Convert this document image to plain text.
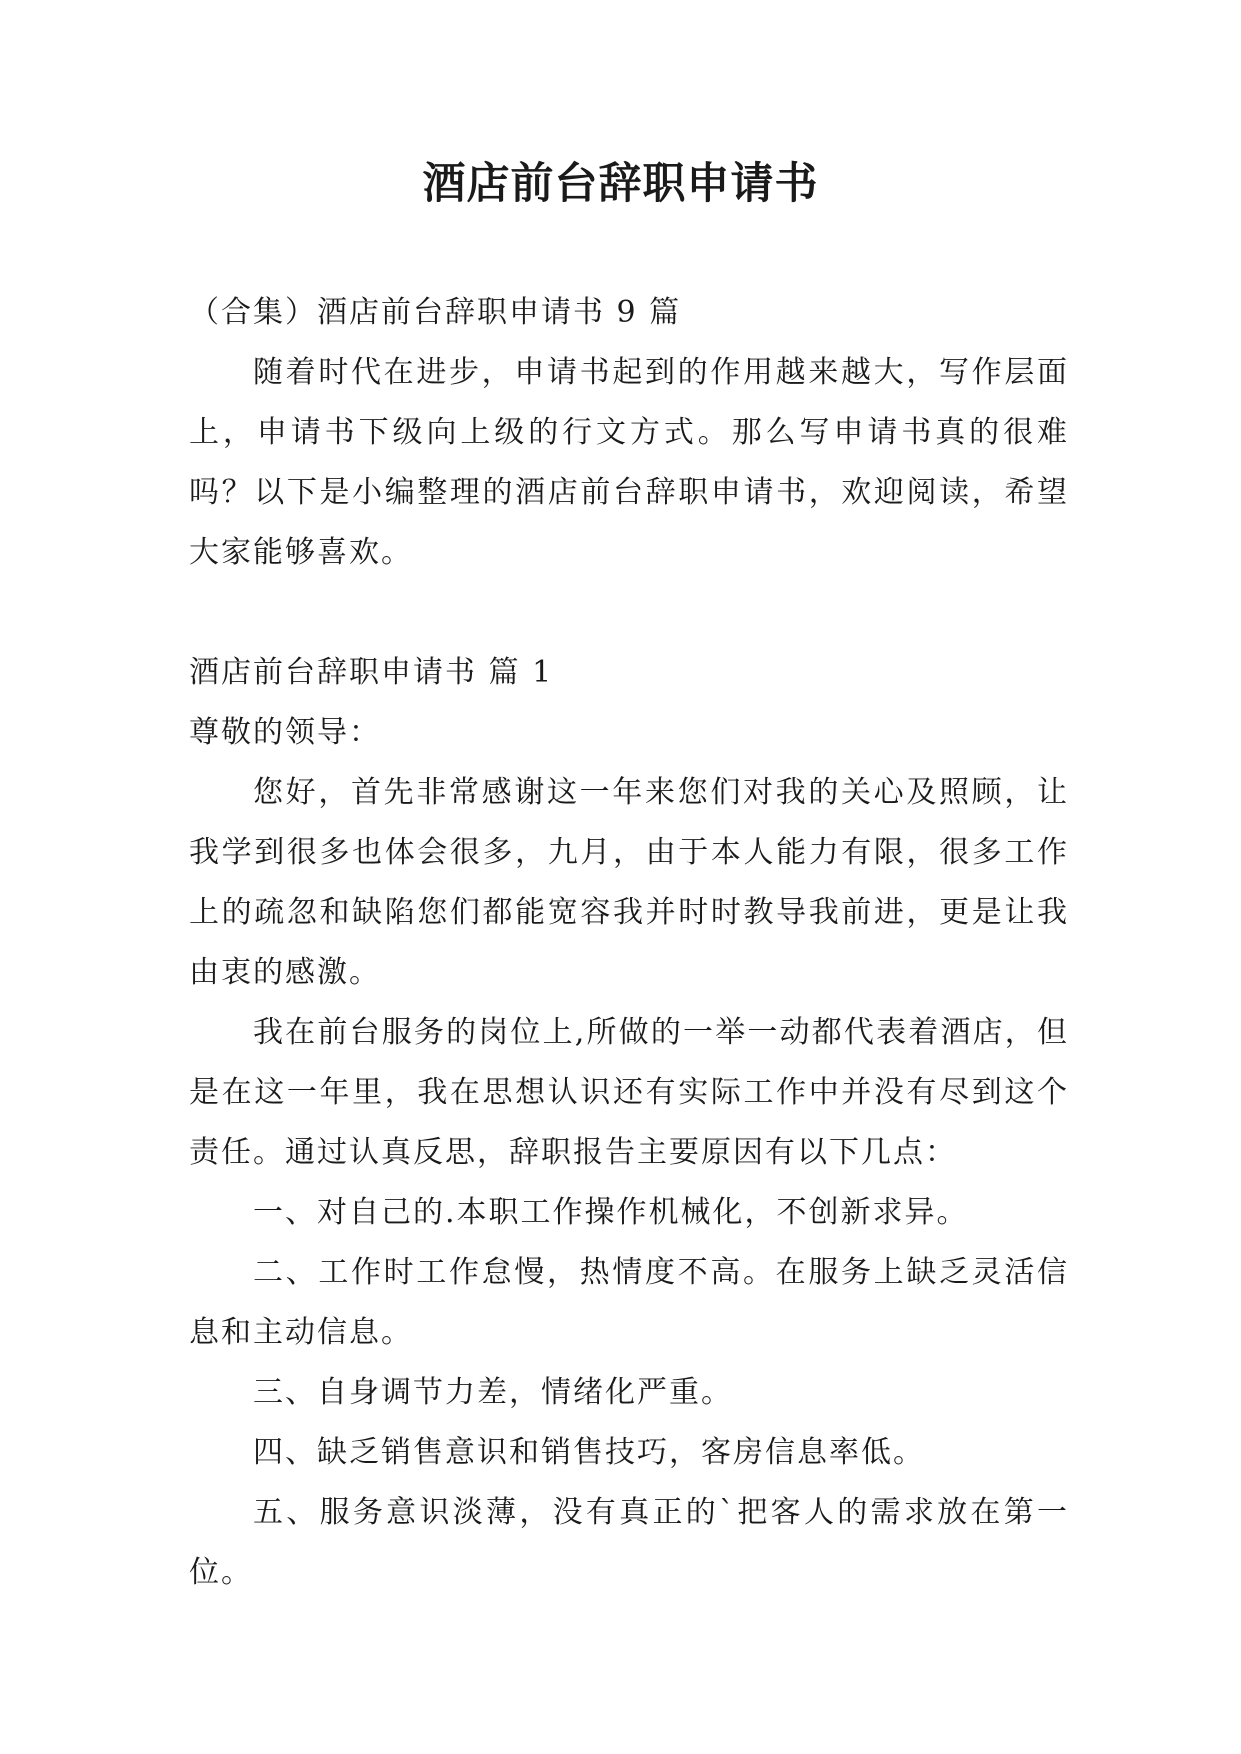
酒店前台辞职申请书

（合集）酒店前台辞职申请书 9 篇

随着时代在进步，申请书起到的作用越来越大，写作层面上，申请书下级向上级的行文方式。那么写申请书真的很难吗？以下是小编整理的酒店前台辞职申请书，欢迎阅读，希望大家能够喜欢。

酒店前台辞职申请书 篇 1

尊敬的领导：

您好，首先非常感谢这一年来您们对我的关心及照顾，让我学到很多也体会很多，九月，由于本人能力有限，很多工作上的疏忽和缺陷您们都能宽容我并时时教导我前进，更是让我由衷的感激。

我在前台服务的岗位上,所做的一举一动都代表着酒店，但是在这一年里，我在思想认识还有实际工作中并没有尽到这个责任。通过认真反思，辞职报告主要原因有以下几点：

一、对自己的.本职工作操作机械化，不创新求异。

二、工作时工作怠慢，热情度不高。在服务上缺乏灵活信息和主动信息。

三、自身调节力差，情绪化严重。

四、缺乏销售意识和销售技巧，客房信息率低。

五、服务意识淡薄，没有真正的`把客人的需求放在第一位。
